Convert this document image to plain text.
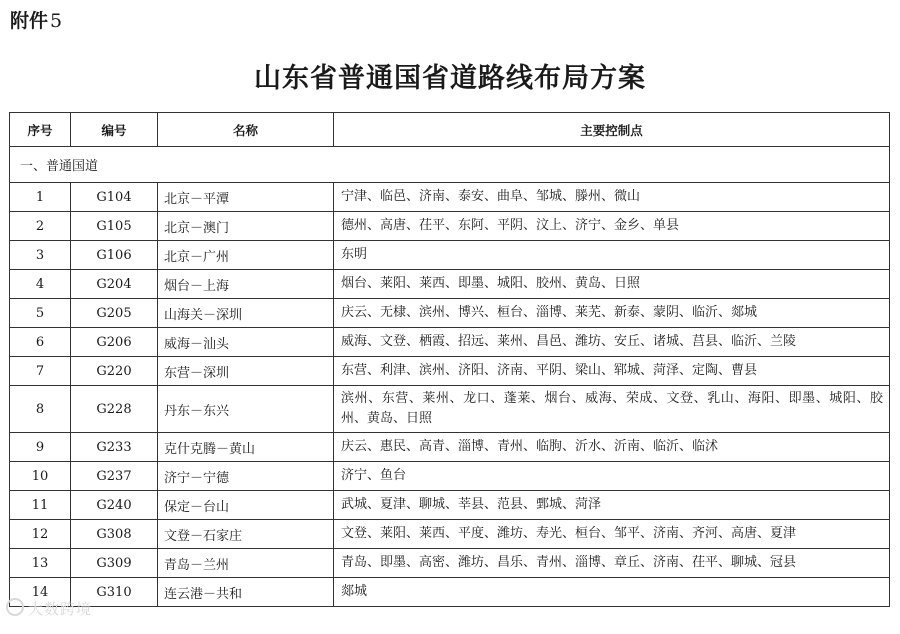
附件 5
山东省普通国省道路线布局方案
序号	编号	名称	主要控制点
一、普通国道			
1	G104	北京－平潭	宁津、临邑、济南、泰安、曲阜、邹城、滕州、微山
2	G105	北京－澳门	德州、高唐、茌平、东阿、平阴、汶上、济宁、金乡、单县
3	G106	北京－广州	东明
4	G204	烟台－上海	烟台、莱阳、莱西、即墨、城阳、胶州、黄岛、日照
5	G205	山海关－深圳	庆云、无棣、滨州、博兴、桓台、淄博、莱芜、新泰、蒙阴、临沂、郯城
6	G206	威海－汕头	威海、文登、栖霞、招远、莱州、昌邑、潍坊、安丘、诸城、莒县、临沂、兰陵
7	G220	东营－深圳	东营、利津、滨州、济阳、济南、平阴、梁山、郓城、菏泽、定陶、曹县
8	G228	丹东－东兴	滨州、东营、莱州、龙口、蓬莱、烟台、威海、荣成、文登、乳山、海阳、即墨、城阳、胶州、黄岛、日照
9	G233	克什克腾－黄山	庆云、惠民、高青、淄博、青州、临朐、沂水、沂南、临沂、临沭
10	G237	济宁－宁德	济宁、鱼台
11	G240	保定－台山	武城、夏津、聊城、莘县、范县、鄄城、菏泽
12	G308	文登－石家庄	文登、莱阳、莱西、平度、潍坊、寿光、桓台、邹平、济南、齐河、高唐、夏津
13	G309	青岛－兰州	青岛、即墨、高密、潍坊、昌乐、青州、淄博、章丘、济南、茌平、聊城、冠县
14	G310	连云港－共和	郯城
大数跨境
